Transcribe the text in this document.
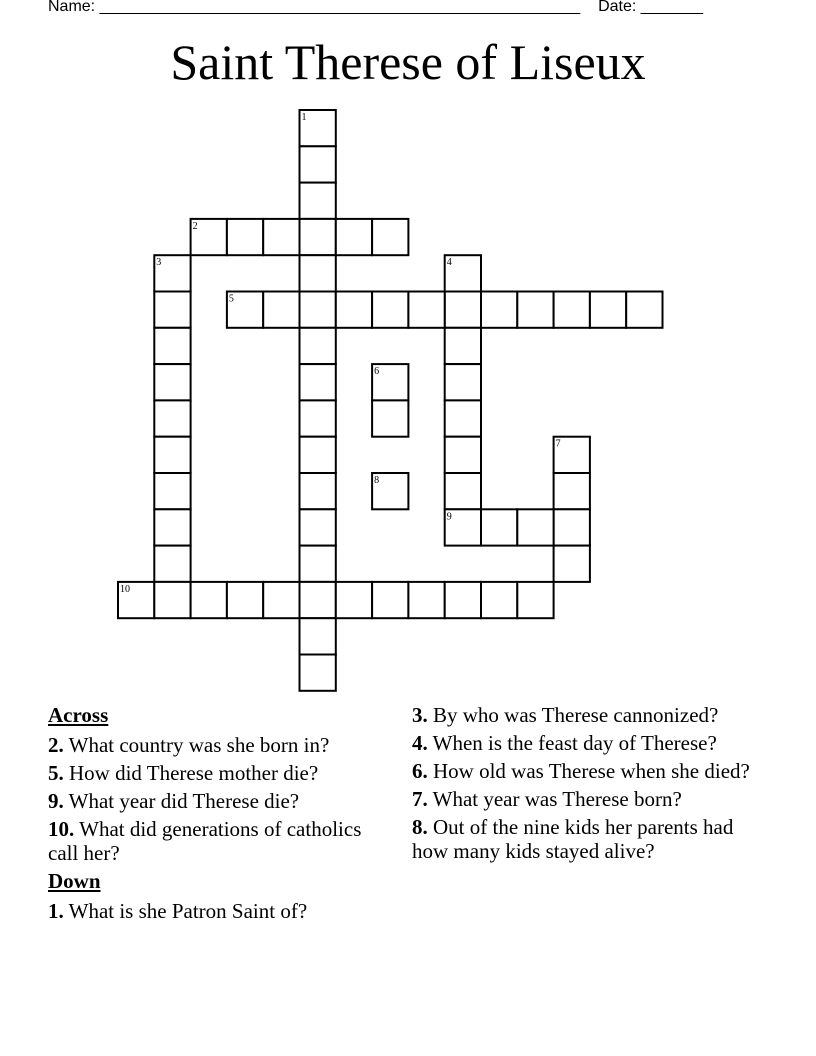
Name: ______________________________________________________ Date: _______
Saint Therese of Liseux
1
2
3	4
5
6
7
8
9
10
Across
2. What country was she born in?
5. How did Therese mother die?
9. What year did Therese die?
10. What did generations of catholics call her?
Down
1. What is she Patron Saint of?
3. By who was Therese cannonized?
4. When is the feast day of Therese?
6. How old was Therese when she died?
7. What year was Therese born?
8. Out of the nine kids her parents had how many kids stayed alive?
